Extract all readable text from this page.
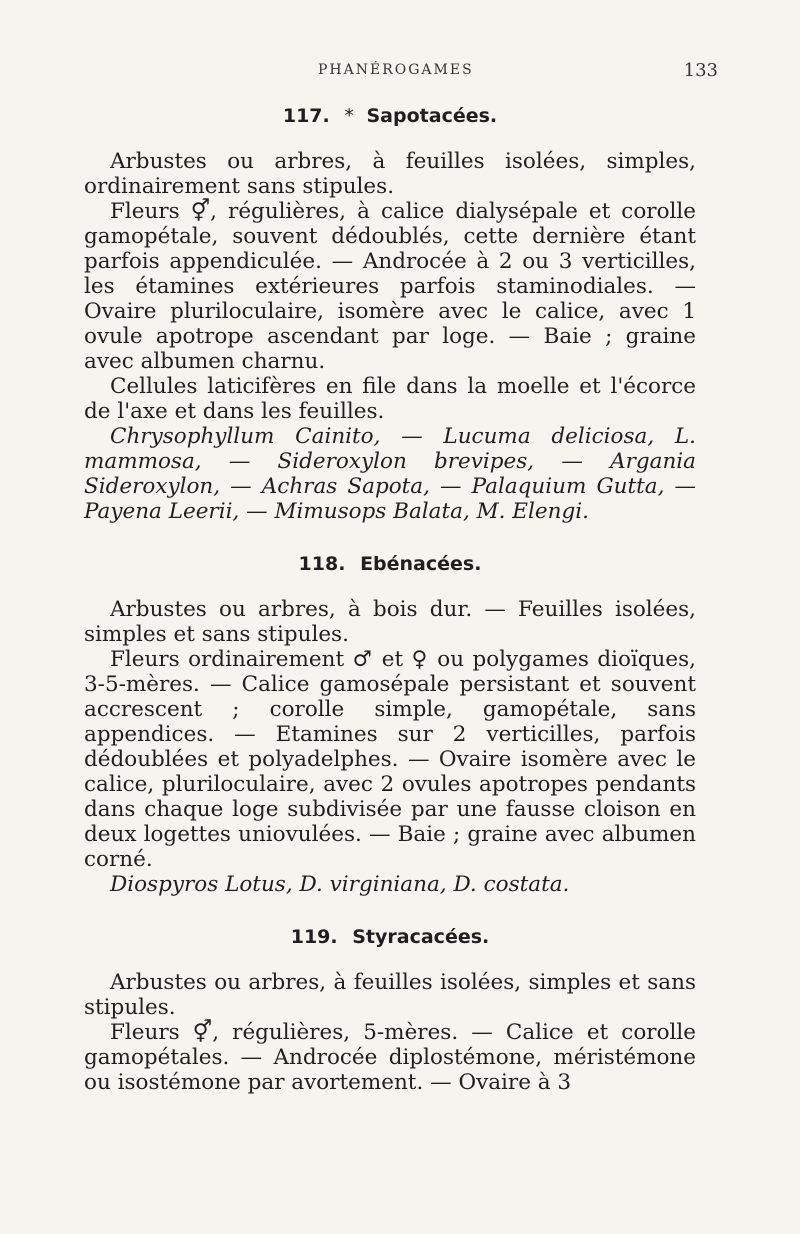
PHANÉROGAMES	133
117. * Sapotacées.

Arbustes ou arbres, à feuilles isolées, simples, ordinairement sans stipules.

Fleurs ⚥, régulières, à calice dialysépale et corolle gamopétale, souvent dédoublés, cette dernière étant parfois appendiculée. — Androcée à 2 ou 3 verticilles, les étamines extérieures parfois staminodiales. — Ovaire pluriloculaire, isomère avec le calice, avec 1 ovule apotrope ascendant par loge. — Baie ; graine avec albumen charnu.

Cellules laticifères en file dans la moelle et l'écorce de l'axe et dans les feuilles.

Chrysophyllum Cainito, — Lucuma deliciosa, L. mammosa, — Sideroxylon brevipes, — Argania Sideroxylon, — Achras Sapota, — Palaquium Gutta, — Payena Leerii, — Mimusops Balata, M. Elengi.

118. Ebénacées.

Arbustes ou arbres, à bois dur. — Feuilles isolées, simples et sans stipules.

Fleurs ordinairement ♂ et ♀ ou polygames dioïques, 3-5-mères. — Calice gamosépale persistant et souvent accrescent ; corolle simple, gamopétale, sans appendices. — Etamines sur 2 verticilles, parfois dédoublées et polyadelphes. — Ovaire isomère avec le calice, pluriloculaire, avec 2 ovules apotropes pendants dans chaque loge subdivisée par une fausse cloison en deux logettes uniovulées. — Baie ; graine avec albumen corné.

Diospyros Lotus, D. virginiana, D. costata.

119. Styracacées.

Arbustes ou arbres, à feuilles isolées, simples et sans stipules.

Fleurs ⚥, régulières, 5-mères. — Calice et corolle gamopétales. — Androcée diplostémone, méristémone ou isostémone par avortement. — Ovaire à 3
